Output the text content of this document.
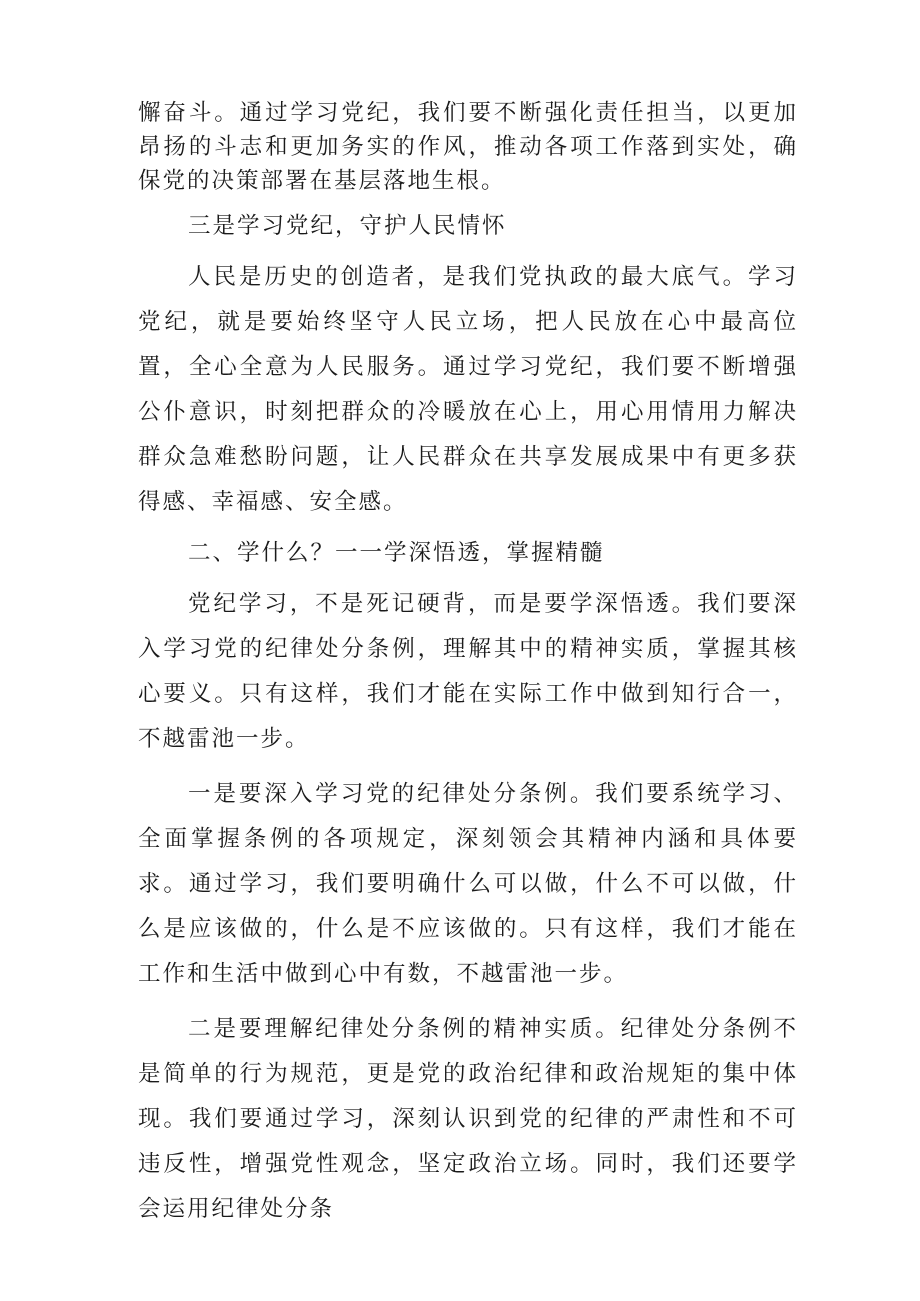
懈奋斗。通过学习党纪，我们要不断强化责任担当，以更加昂扬的斗志和更加务实的作风，推动各项工作落到实处，确保党的决策部署在基层落地生根。

三是学习党纪，守护人民情怀

人民是历史的创造者，是我们党执政的最大底气。学习党纪，就是要始终坚守人民立场，把人民放在心中最高位置，全心全意为人民服务。通过学习党纪，我们要不断增强公仆意识，时刻把群众的冷暖放在心上，用心用情用力解决群众急难愁盼问题，让人民群众在共享发展成果中有更多获得感、幸福感、安全感。

二、学什么？一一学深悟透，掌握精髓

党纪学习，不是死记硬背，而是要学深悟透。我们要深入学习党的纪律处分条例，理解其中的精神实质，掌握其核心要义。只有这样，我们才能在实际工作中做到知行合一，不越雷池一步。

一是要深入学习党的纪律处分条例。我们要系统学习、全面掌握条例的各项规定，深刻领会其精神内涵和具体要求。通过学习，我们要明确什么可以做，什么不可以做，什么是应该做的，什么是不应该做的。只有这样，我们才能在工作和生活中做到心中有数，不越雷池一步。

二是要理解纪律处分条例的精神实质。纪律处分条例不是简单的行为规范，更是党的政治纪律和政治规矩的集中体现。我们要通过学习，深刻认识到党的纪律的严肃性和不可违反性，增强党性观念，坚定政治立场。同时，我们还要学会运用纪律处分条
